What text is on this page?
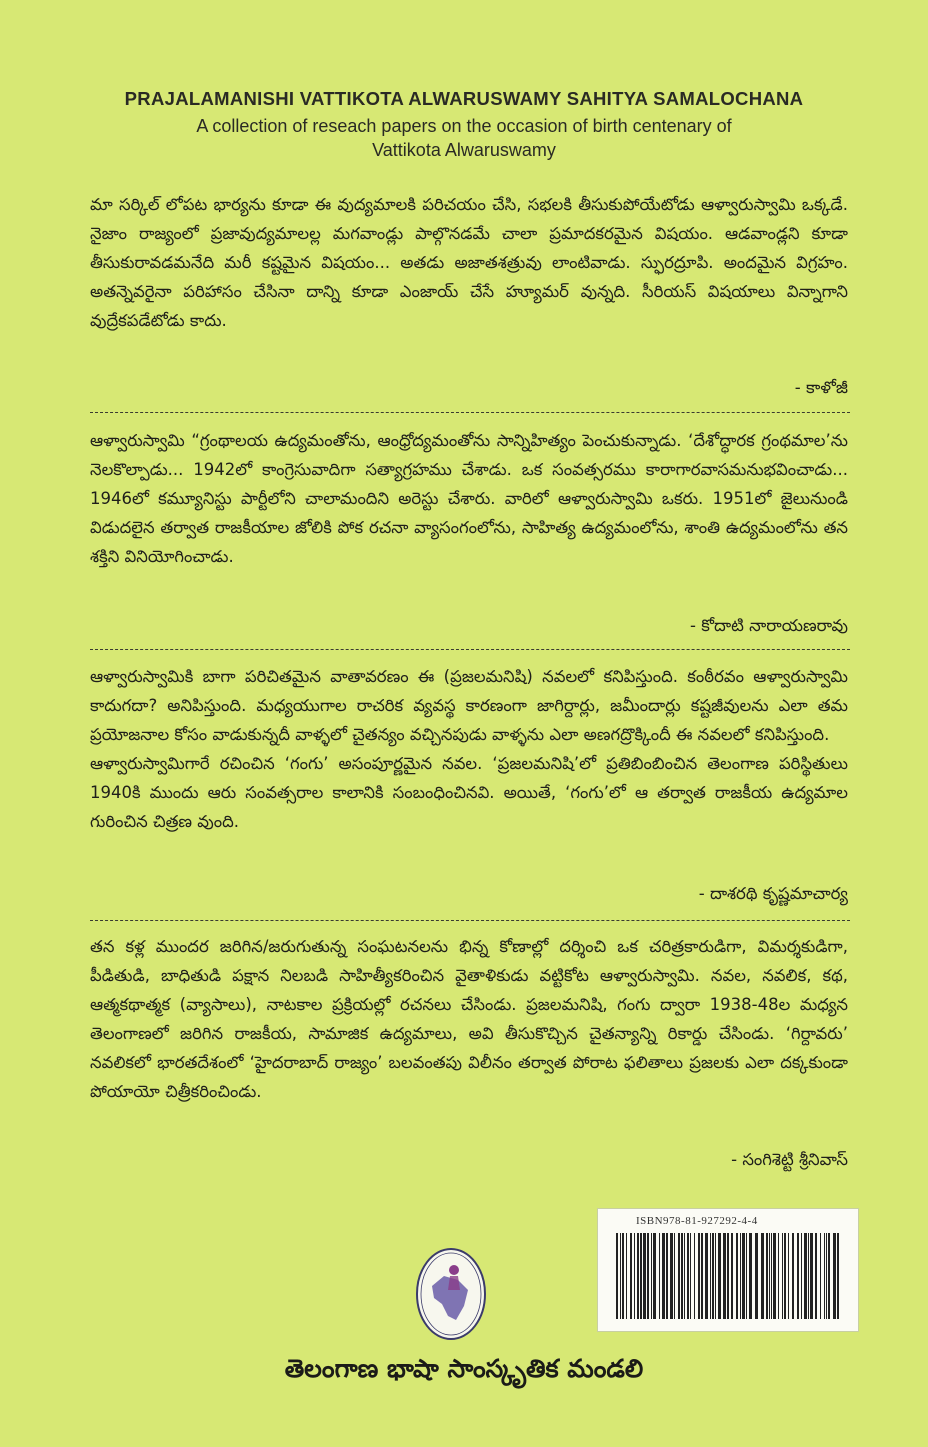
PRAJALAMANISHI VATTIKOTA ALWARUSWAMY SAHITYA SAMALOCHANA
A collection of reseach papers on the occasion of birth centenary of
Vattikota Alwaruswamy

మా సర్కిల్ లోపట భార్యను కూడా ఈ వుద్యమాలకి పరిచయం చేసి, సభలకి తీసుకుపోయేటోడు ఆళ్వారుస్వామి ఒక్కడే. నైజాం రాజ్యంలో ప్రజావుద్యమాలల్ల మగవాండ్లు పాల్గొనడమే చాలా ప్రమాదకరమైన విషయం. ఆడవాండ్లని కూడా తీసుకురావడమనేది మరీ కష్టమైన విషయం... అతడు అజాతశత్రువు లాంటివాడు. స్ఫురద్రూపి. అందమైన విగ్రహం. అతన్నెవరైనా పరిహాసం చేసినా దాన్ని కూడా ఎంజాయ్ చేసే హ్యూమర్ వున్నది. సీరియస్ విషయాలు విన్నాగాని వుద్రేకపడేటోడు కాదు.

- కాళోజీ

ఆళ్వారుస్వామి “గ్రంథాలయ ఉద్యమంతోను, ఆంధ్రోద్యమంతోను సాన్నిహిత్యం పెంచుకున్నాడు. ‘దేశోద్ధారక గ్రంథమాల’ను నెలకొల్పాడు... 1942లో కాంగ్రెసువాదిగా సత్యాగ్రహము చేశాడు. ఒక సంవత్సరము కారాగారవాసమనుభవించాడు... 1946లో కమ్యూనిస్టు పార్టీలోని చాలామందిని అరెస్టు చేశారు. వారిలో ఆళ్వారుస్వామి ఒకరు. 1951లో జైలునుండి విడుదలైన తర్వాత రాజకీయాల జోలికి పోక రచనా వ్యాసంగంలోను, సాహిత్య ఉద్యమంలోను, శాంతి ఉద్యమంలోను తన శక్తిని వినియోగించాడు.

- కోదాటి నారాయణరావు

ఆళ్వారుస్వామికి బాగా పరిచితమైన వాతావరణం ఈ (ప్రజలమనిషి) నవలలో కనిపిస్తుంది. కంఠీరవం ఆళ్వారుస్వామి కాదుగదా? అనిపిస్తుంది. మధ్యయుగాల రాచరిక వ్యవస్థ కారణంగా జాగిర్దార్లు, జమీందార్లు కష్టజీవులను ఎలా తమ ప్రయోజనాల కోసం వాడుకున్నదీ వాళ్ళలో చైతన్యం వచ్చినపుడు వాళ్ళను ఎలా అణగద్రొక్కిందీ ఈ నవలలో కనిపిస్తుంది.

ఆళ్వారుస్వామిగారే రచించిన ‘గంగు’ అసంపూర్ణమైన నవల. ‘ప్రజలమనిషి’లో ప్రతిబింబించిన తెలంగాణ పరిస్థితులు 1940కి ముందు ఆరు సంవత్సరాల కాలానికి సంబంధించినవి. అయితే, ‘గంగు’లో ఆ తర్వాత రాజకీయ ఉద్యమాల గురించిన చిత్రణ వుంది.

- దాశరథి కృష్ణమాచార్య

తన కళ్ల ముందర జరిగిన/జరుగుతున్న సంఘటనలను భిన్న కోణాల్లో దర్శించి ఒక చరిత్రకారుడిగా, విమర్శకుడిగా, పీడితుడి, బాధితుడి పక్షాన నిలబడి సాహిత్యీకరించిన వైతాళికుడు వట్టికోట ఆళ్వారుస్వామి. నవల, నవలిక, కథ, ఆత్మకథాత్మక (వ్యాసాలు), నాటకాల ప్రక్రియల్లో రచనలు చేసిండు. ప్రజలమనిషి, గంగు ద్వారా 1938-48ల మధ్యన తెలంగాణలో జరిగిన రాజకీయ, సామాజిక ఉద్యమాలు, అవి తీసుకొచ్చిన చైతన్యాన్ని రికార్డు చేసిండు. ‘గిర్దావరు’ నవలికలో భారతదేశంలో ‘హైదరాబాద్ రాజ్యం’ బలవంతపు విలీనం తర్వాత పోరాట ఫలితాలు ప్రజలకు ఎలా దక్కకుండా పోయాయో చిత్రీకరించిండు.

- సంగిశెట్టి శ్రీనివాస్
ISBN978-81-927292-4-4
తెలంగాణ భాషా సాంస్కృతిక మండలి
